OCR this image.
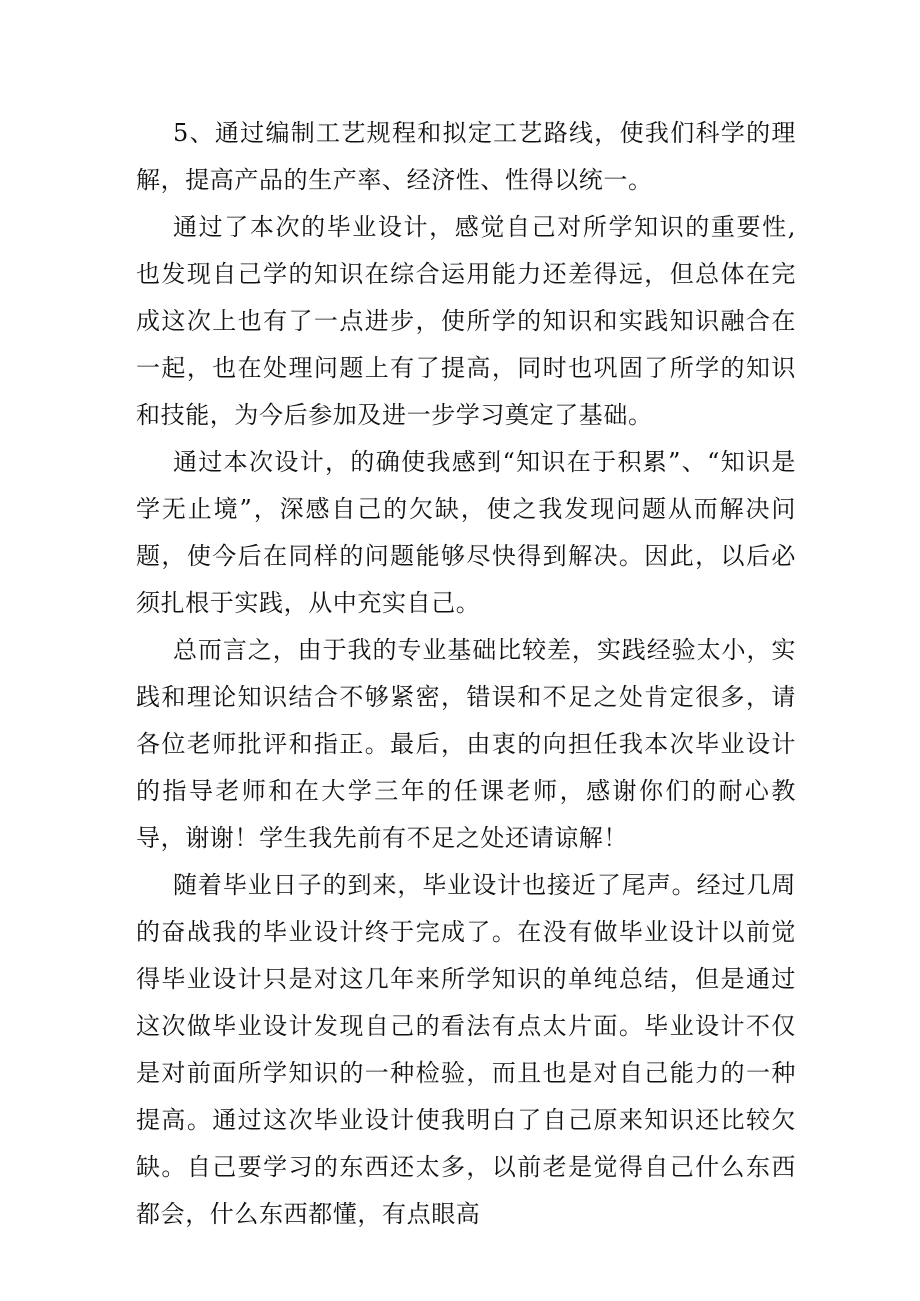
5、通过编制工艺规程和拟定工艺路线，使我们科学的理解，提高产品的生产率、经济性、性得以统一。

通过了本次的毕业设计，感觉自己对所学知识的重要性,也发现自己学的知识在综合运用能力还差得远，但总体在完成这次上也有了一点进步，使所学的知识和实践知识融合在一起，也在处理问题上有了提高，同时也巩固了所学的知识和技能，为今后参加及进一步学习奠定了基础。

通过本次设计，的确使我感到“知识在于积累”、“知识是学无止境”，深感自己的欠缺，使之我发现问题从而解决问题，使今后在同样的问题能够尽快得到解决。因此，以后必须扎根于实践，从中充实自己。

总而言之，由于我的专业基础比较差，实践经验太小，实践和理论知识结合不够紧密，错误和不足之处肯定很多，请各位老师批评和指正。最后，由衷的向担任我本次毕业设计的指导老师和在大学三年的任课老师，感谢你们的耐心教导，谢谢！学生我先前有不足之处还请谅解！

随着毕业日子的到来，毕业设计也接近了尾声。经过几周的奋战我的毕业设计终于完成了。在没有做毕业设计以前觉得毕业设计只是对这几年来所学知识的单纯总结，但是通过这次做毕业设计发现自己的看法有点太片面。毕业设计不仅是对前面所学知识的一种检验，而且也是对自己能力的一种提高。通过这次毕业设计使我明白了自己原来知识还比较欠缺。自己要学习的东西还太多，以前老是觉得自己什么东西都会，什么东西都懂，有点眼高
